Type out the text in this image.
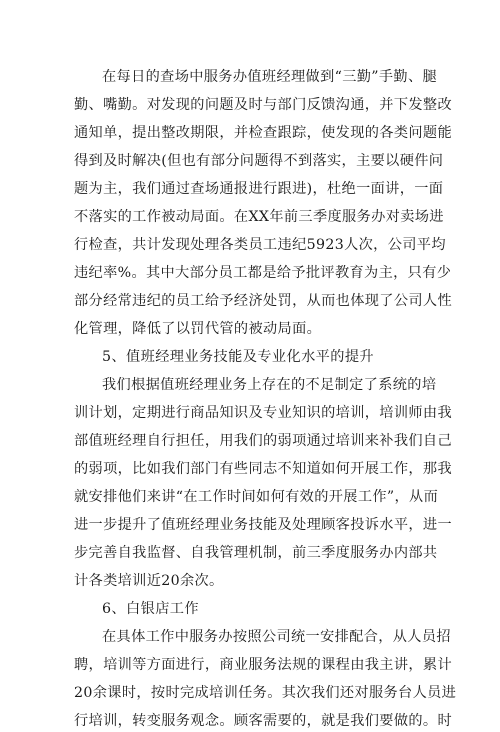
在每日的查场中服务办值班经理做到“三勤”手勤、腿
勤、嘴勤。对发现的问题及时与部门反馈沟通，并下发整改
通知单，提出整改期限，并检查跟踪，使发现的各类问题能
得到及时解决(但也有部分问题得不到落实，主要以硬件问
题为主，我们通过查场通报进行跟进)，杜绝一面讲，一面
不落实的工作被动局面。在XX年前三季度服务办对卖场进
行检查，共计发现处理各类员工违纪5923人次，公司平均
违纪率%。其中大部分员工都是给予批评教育为主，只有少
部分经常违纪的员工给予经济处罚，从而也体现了公司人性
化管理，降低了以罚代管的被动局面。
5、值班经理业务技能及专业化水平的提升
我们根据值班经理业务上存在的不足制定了系统的培
训计划，定期进行商品知识及专业知识的培训，培训师由我
部值班经理自行担任，用我们的弱项通过培训来补我们自己
的弱项，比如我们部门有些同志不知道如何开展工作，那我
就安排他们来讲“在工作时间如何有效的开展工作”，从而
进一步提升了值班经理业务技能及处理顾客投诉水平，进一
步完善自我监督、自我管理机制，前三季度服务办内部共
计各类培训近20余次。
6、白银店工作
在具体工作中服务办按照公司统一安排配合，从人员招
聘，培训等方面进行，商业服务法规的课程由我主讲，累计
20余课时，按时完成培训任务。其次我们还对服务台人员进
行培训，转变服务观念。顾客需要的，就是我们要做的。时
